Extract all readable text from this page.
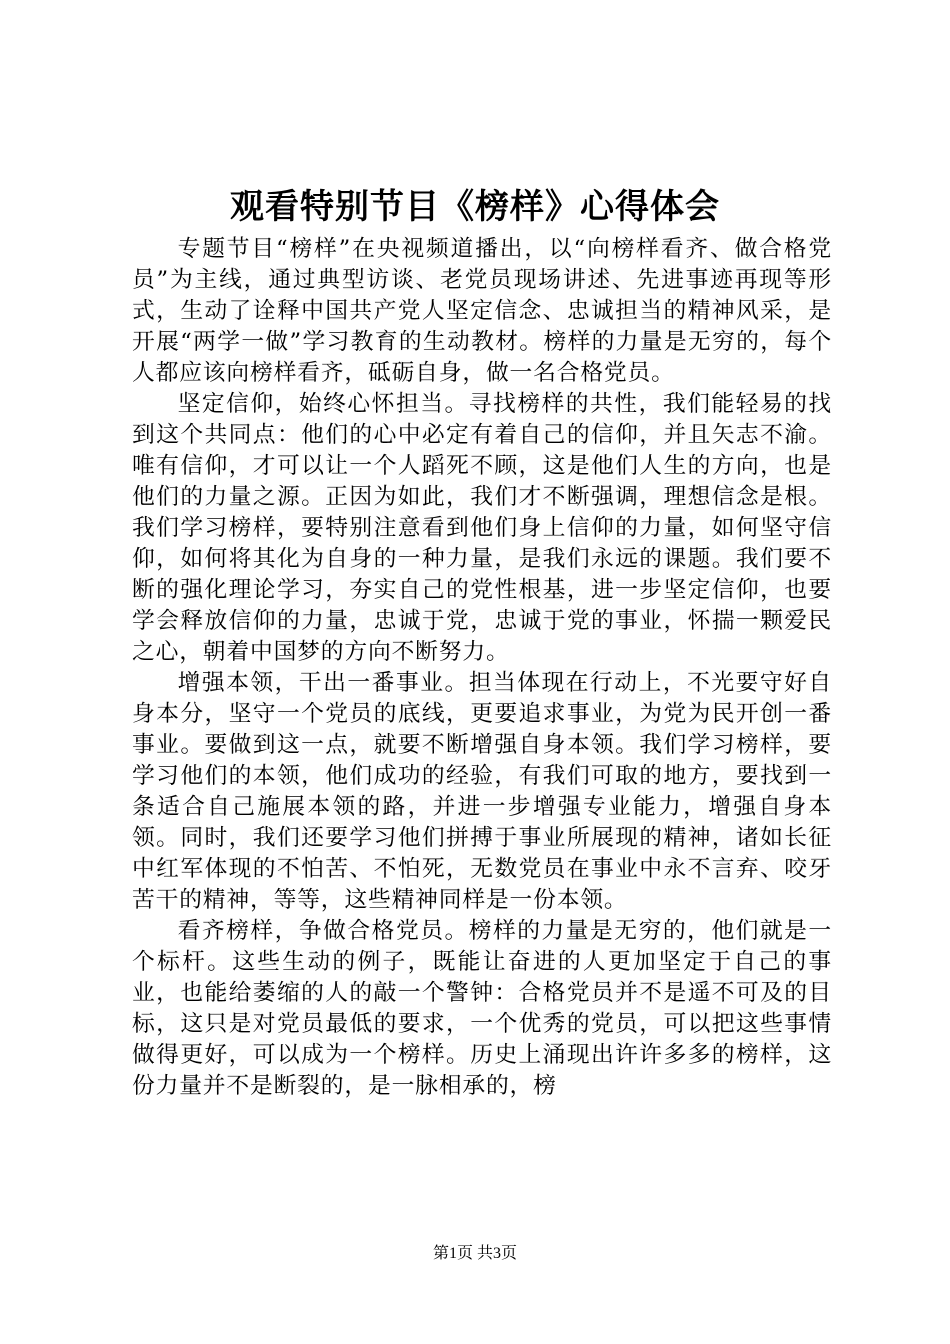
观看特别节目《榜样》心得体会

专题节目“榜样”在央视频道播出，以“向榜样看齐、做合格党员”为主线，通过典型访谈、老党员现场讲述、先进事迹再现等形式，生动了诠释中国共产党人坚定信念、忠诚担当的精神风采，是开展“两学一做”学习教育的生动教材。榜样的力量是无穷的，每个人都应该向榜样看齐，砥砺自身，做一名合格党员。

坚定信仰，始终心怀担当。寻找榜样的共性，我们能轻易的找到这个共同点：他们的心中必定有着自己的信仰，并且矢志不渝。唯有信仰，才可以让一个人蹈死不顾，这是他们人生的方向，也是他们的力量之源。正因为如此，我们才不断强调，理想信念是根。我们学习榜样，要特别注意看到他们身上信仰的力量，如何坚守信仰，如何将其化为自身的一种力量，是我们永远的课题。我们要不断的强化理论学习，夯实自己的党性根基，进一步坚定信仰，也要学会释放信仰的力量，忠诚于党，忠诚于党的事业，怀揣一颗爱民之心，朝着中国梦的方向不断努力。

增强本领，干出一番事业。担当体现在行动上，不光要守好自身本分，坚守一个党员的底线，更要追求事业，为党为民开创一番事业。要做到这一点，就要不断增强自身本领。我们学习榜样，要学习他们的本领，他们成功的经验，有我们可取的地方，要找到一条适合自己施展本领的路，并进一步增强专业能力，增强自身本领。同时，我们还要学习他们拼搏于事业所展现的精神，诸如长征中红军体现的不怕苦、不怕死，无数党员在事业中永不言弃、咬牙苦干的精神，等等，这些精神同样是一份本领。

看齐榜样，争做合格党员。榜样的力量是无穷的，他们就是一个标杆。这些生动的例子，既能让奋进的人更加坚定于自己的事业，也能给萎缩的人的敲一个警钟：合格党员并不是遥不可及的目标，这只是对党员最低的要求，一个优秀的党员，可以把这些事情做得更好，可以成为一个榜样。历史上涌现出许许多多的榜样，这份力量并不是断裂的，是一脉相承的，榜

第1页 共3页
